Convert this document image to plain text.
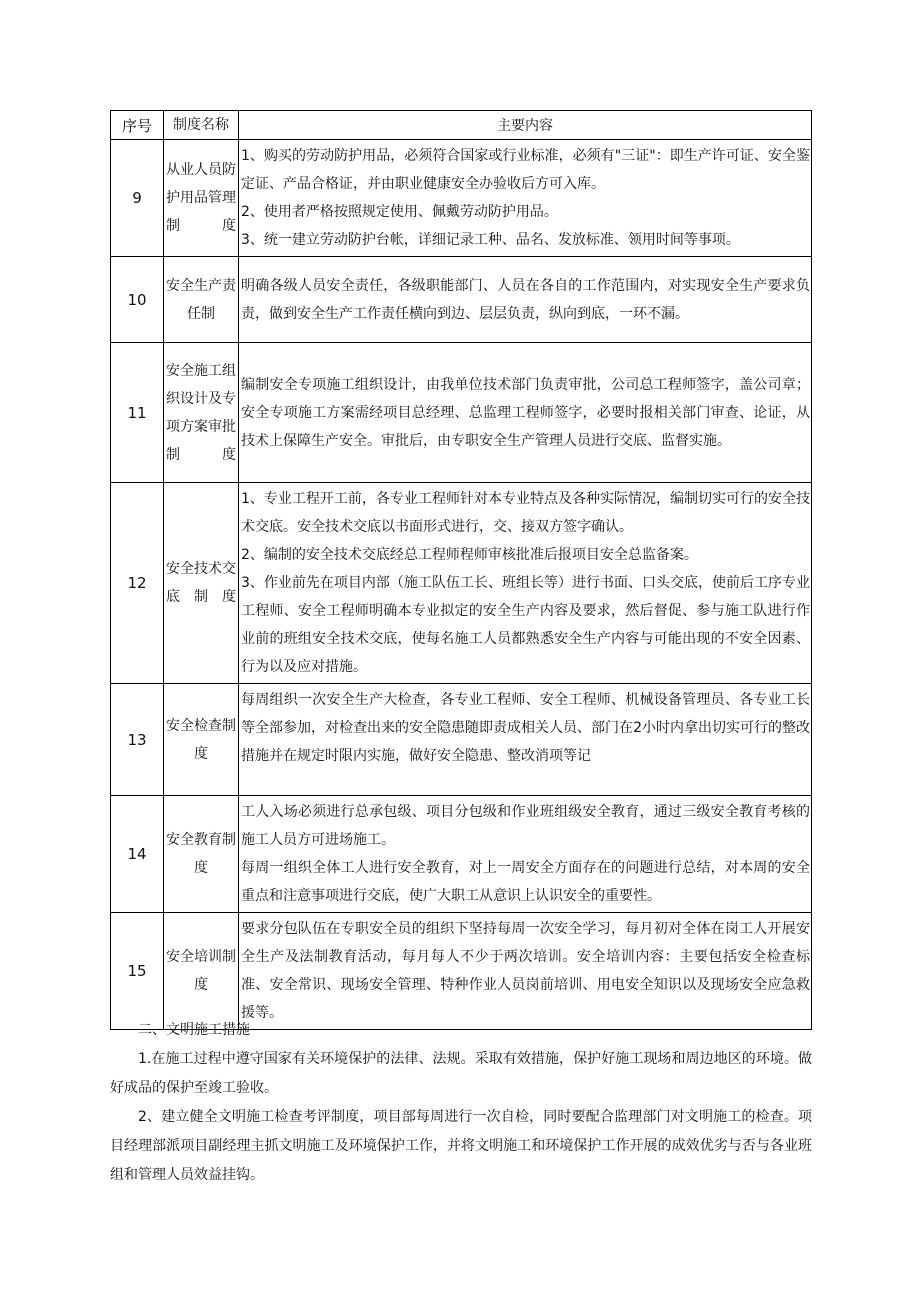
序号	制度名称	主要内容
9	从业人员防护用品管理制度	1、购买的劳动防护用品，必须符合国家或行业标准，必须有"三证"：即生产许可证、安全鉴定证、产品合格证，并由职业健康安全办验收后方可入库。
2、使用者严格按照规定使用、佩戴劳动防护用品。
3、统一建立劳动防护台帐，详细记录工种、品名、发放标准、领用时间等事项。

10	安全生产责任制	明确各级人员安全责任，各级职能部门、人员在各自的工作范围内，对实现安全生产要求负责，做到安全生产工作责任横向到边、层层负责，纵向到底，一环不漏。

11	安全施工组织设计及专项方案审批制度	编制安全专项施工组织设计，由我单位技术部门负责审批，公司总工程师签字，盖公司章；安全专项施工方案需经项目总经理、总监理工程师签字，必要时报相关部门审查、论证，从技术上保障生产安全。审批后，由专职安全生产管理人员进行交底、监督实施。

12	安全技术交底制度	1、专业工程开工前，各专业工程师针对本专业特点及各种实际情况，编制切实可行的安全技术交底。安全技术交底以书面形式进行，交、接双方签字确认。
2、编制的安全技术交底经总工程师程师审核批准后报项目安全总监备案。
3、作业前先在项目内部（施工队伍工长、班组长等）进行书面、口头交底，使前后工序专业工程师、安全工程师明确本专业拟定的安全生产内容及要求，然后督促、参与施工队进行作业前的班组安全技术交底，使每名施工人员都熟悉安全生产内容与可能出现的不安全因素、行为以及应对措施。

13	安全检查制度	每周组织一次安全生产大检查，各专业工程师、安全工程师、机械设备管理员、各专业工长等全部参加，对检查出来的安全隐患随即责成相关人员、部门在2小时内拿出切实可行的整改措施并在规定时限内实施，做好安全隐患、整改消项等记

14	安全教育制度	工人入场必须进行总承包级、项目分包级和作业班组级安全教育，通过三级安全教育考核的施工人员方可进场施工。
每周一组织全体工人进行安全教育，对上一周安全方面存在的问题进行总结，对本周的安全重点和注意事项进行交底，使广大职工从意识上认识安全的重要性。

15	安全培训制度	要求分包队伍在专职安全员的组织下坚持每周一次安全学习，每月初对全体在岗工人开展安全生产及法制教育活动，每月每人不少于两次培训。安全培训内容：主要包括安全检查标准、安全常识、现场安全管理、特种作业人员岗前培训、用电安全知识以及现场安全应急救援等。

二、文明施工措施

1.在施工过程中遵守国家有关环境保护的法律、法规。采取有效措施，保护好施工现场和周边地区的环境。做好成品的保护至竣工验收。

2、建立健全文明施工检查考评制度，项目部每周进行一次自检，同时要配合监理部门对文明施工的检查。项目经理部派项目副经理主抓文明施工及环境保护工作，并将文明施工和环境保护工作开展的成效优劣与否与各业班组和管理人员效益挂钩。
